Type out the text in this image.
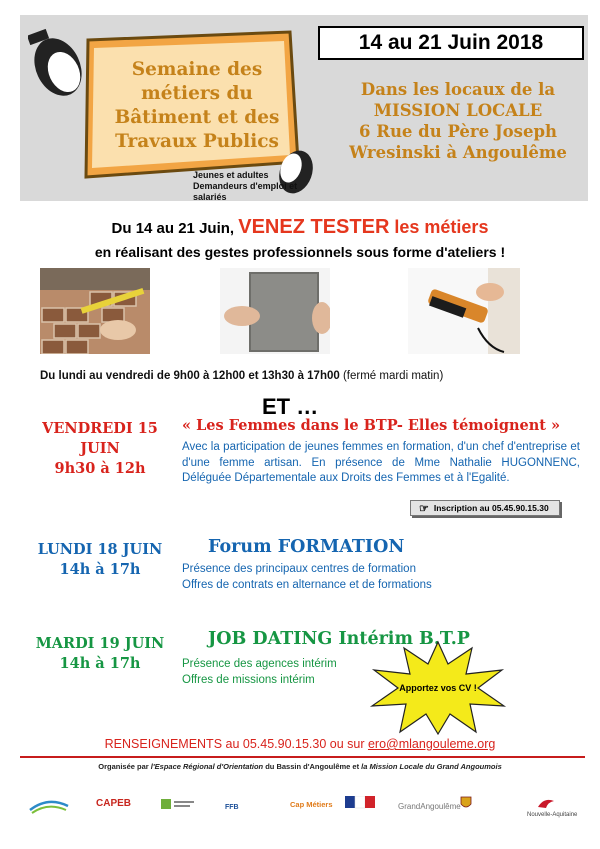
14 au 21 Juin 2018
Semaine des
métiers du
Bâtiment et des
Travaux Publics
Jeunes et adultes
Demandeurs d'emploi et salariés
Dans les locaux de la
MISSION LOCALE
6 Rue du Père Joseph
Wresinski à Angoulême
Du 14 au 21 Juin, VENEZ TESTER les métiers
en réalisant des gestes professionnels sous forme d'ateliers !
Du lundi au vendredi de 9h00 à 12h00 et 13h30 à 17h00 (fermé mardi matin)
ET …
VENDREDI 15
JUIN
9h30 à 12h
« Les Femmes dans le BTP- Elles témoignent »
Avec la participation de jeunes femmes en formation, d'un chef d'entreprise et d'une femme artisan. En présence de Mme Nathalie HUGONNENC, Déléguée Départementale aux Droits des Femmes et à l'Egalité.
☞ Inscription au 05.45.90.15.30
LUNDI 18 JUIN
14h à 17h
Forum FORMATION
Présence des principaux centres de formation
Offres de contrats en alternance et de formations
MARDI 19 JUIN
14h à 17h
JOB DATING Intérim B.T.P
Présence des agences intérim
Offres de missions intérim
Apportez vos CV !
RENSEIGNEMENTS au 05.45.90.15.30 ou sur ero@mlangouleme.org
Organisée par l'Espace Régional d'Orientation du Bassin d'Angoulême et la Mission Locale du Grand Angoumois
CAPEB	FFB	Cap Métiers	GrandAngoulême
Nouvelle-Aquitaine
